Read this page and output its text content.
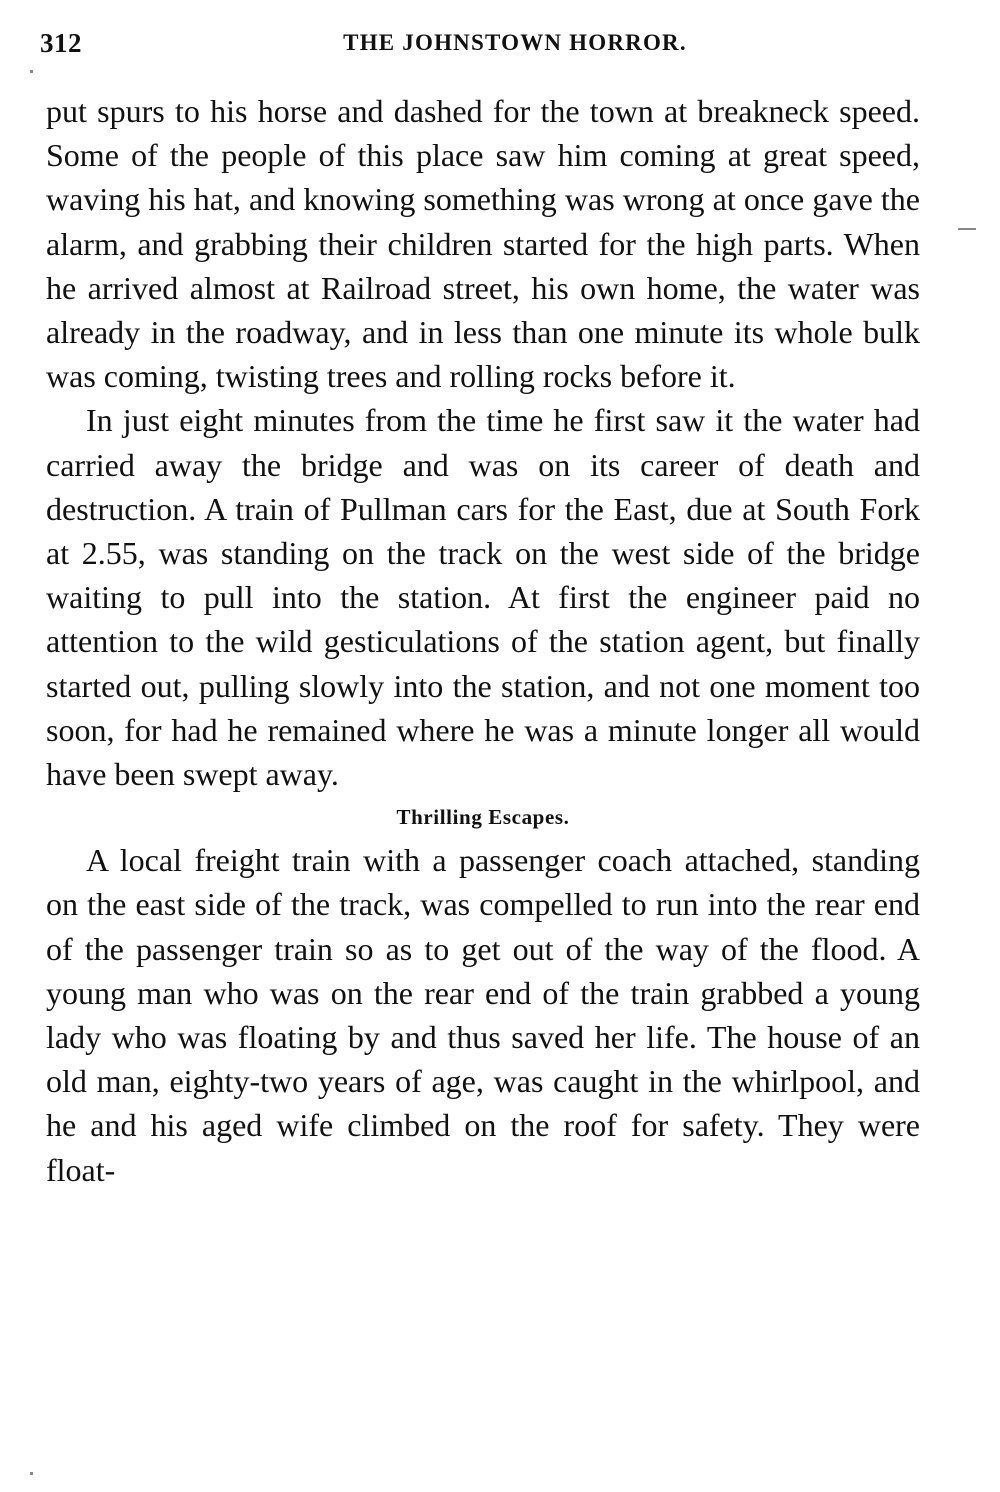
312	THE JOHNSTOWN HORROR.

put spurs to his horse and dashed for the town at breakneck speed. Some of the people of this place saw him coming at great speed, waving his hat, and knowing something was wrong at once gave the alarm, and grabbing their children started for the high parts. When he arrived almost at Railroad street, his own home, the water was already in the roadway, and in less than one minute its whole bulk was coming, twisting trees and rolling rocks before it.

In just eight minutes from the time he first saw it the water had carried away the bridge and was on its career of death and destruction. A train of Pullman cars for the East, due at South Fork at 2.55, was standing on the track on the west side of the bridge waiting to pull into the station. At first the engineer paid no attention to the wild gesticulations of the station agent, but finally started out, pulling slowly into the station, and not one moment too soon, for had he remained where he was a minute longer all would have been swept away.

Thrilling Escapes.

A local freight train with a passenger coach attached, standing on the east side of the track, was compelled to run into the rear end of the passenger train so as to get out of the way of the flood. A young man who was on the rear end of the train grabbed a young lady who was floating by and thus saved her life. The house of an old man, eighty-two years of age, was caught in the whirlpool, and he and his aged wife climbed on the roof for safety. They were float-
